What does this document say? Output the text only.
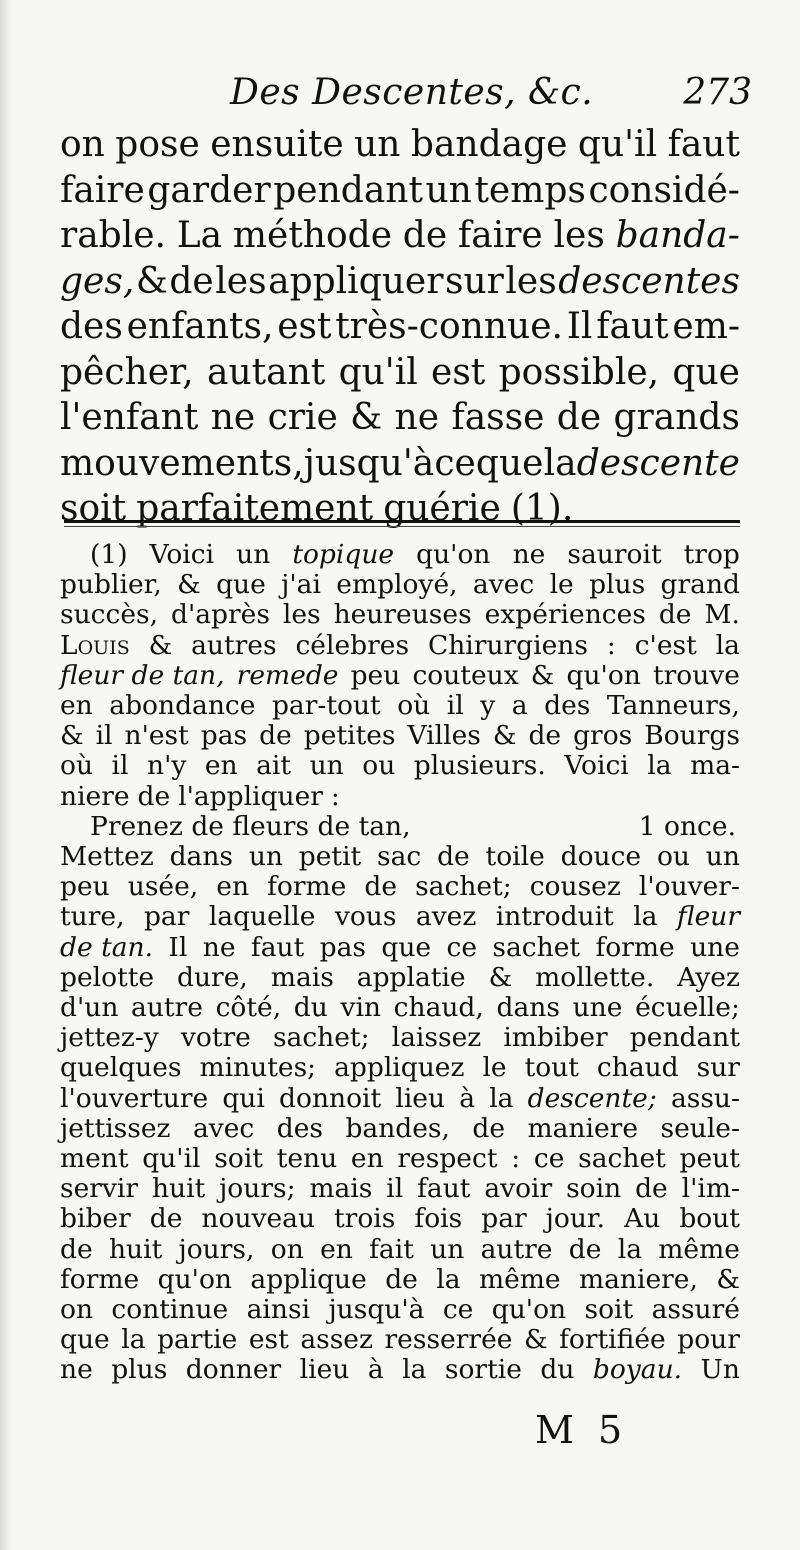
Des Descentes, &c.	273
on pose ensuite un bandage qu'il faut
faire garder pendant un temps considé-
rable. La méthode de faire les banda-
ges, & de les appliquer sur les descentes
des enfants, est très-connue. Il faut em-
pêcher, autant qu'il est possible, que
l'enfant ne crie & ne fasse de grands
mouvements, jusqu'à ce que la descente
soit parfaitement guérie (1).
(1) Voici un topique qu'on ne sauroit trop
publier, & que j'ai employé, avec le plus grand
succès, d'après les heureuses expériences de M.
Louis & autres célebres Chirurgiens : c'est la
fleur de tan, remede peu couteux & qu'on trouve
en abondance par-tout où il y a des Tanneurs,
& il n'est pas de petites Villes & de gros Bourgs
où il n'y en ait un ou plusieurs. Voici la ma-
niere de l'appliquer :
Prenez de fleurs de tan,	1 once.
Mettez dans un petit sac de toile douce ou un
peu usée, en forme de sachet; cousez l'ouver-
ture, par laquelle vous avez introduit la fleur
de tan. Il ne faut pas que ce sachet forme une
pelotte dure, mais applatie & mollette. Ayez
d'un autre côté, du vin chaud, dans une écuelle;
jettez-y votre sachet; laissez imbiber pendant
quelques minutes; appliquez le tout chaud sur
l'ouverture qui donnoit lieu à la descente; assu-
jettissez avec des bandes, de maniere seule-
ment qu'il soit tenu en respect : ce sachet peut
servir huit jours; mais il faut avoir soin de l'im-
biber de nouveau trois fois par jour. Au bout
de huit jours, on en fait un autre de la même
forme qu'on applique de la même maniere, &
on continue ainsi jusqu'à ce qu'on soit assuré
que la partie est assez resserrée & fortifiée pour
ne plus donner lieu à la sortie du boyau. Un
M 5
